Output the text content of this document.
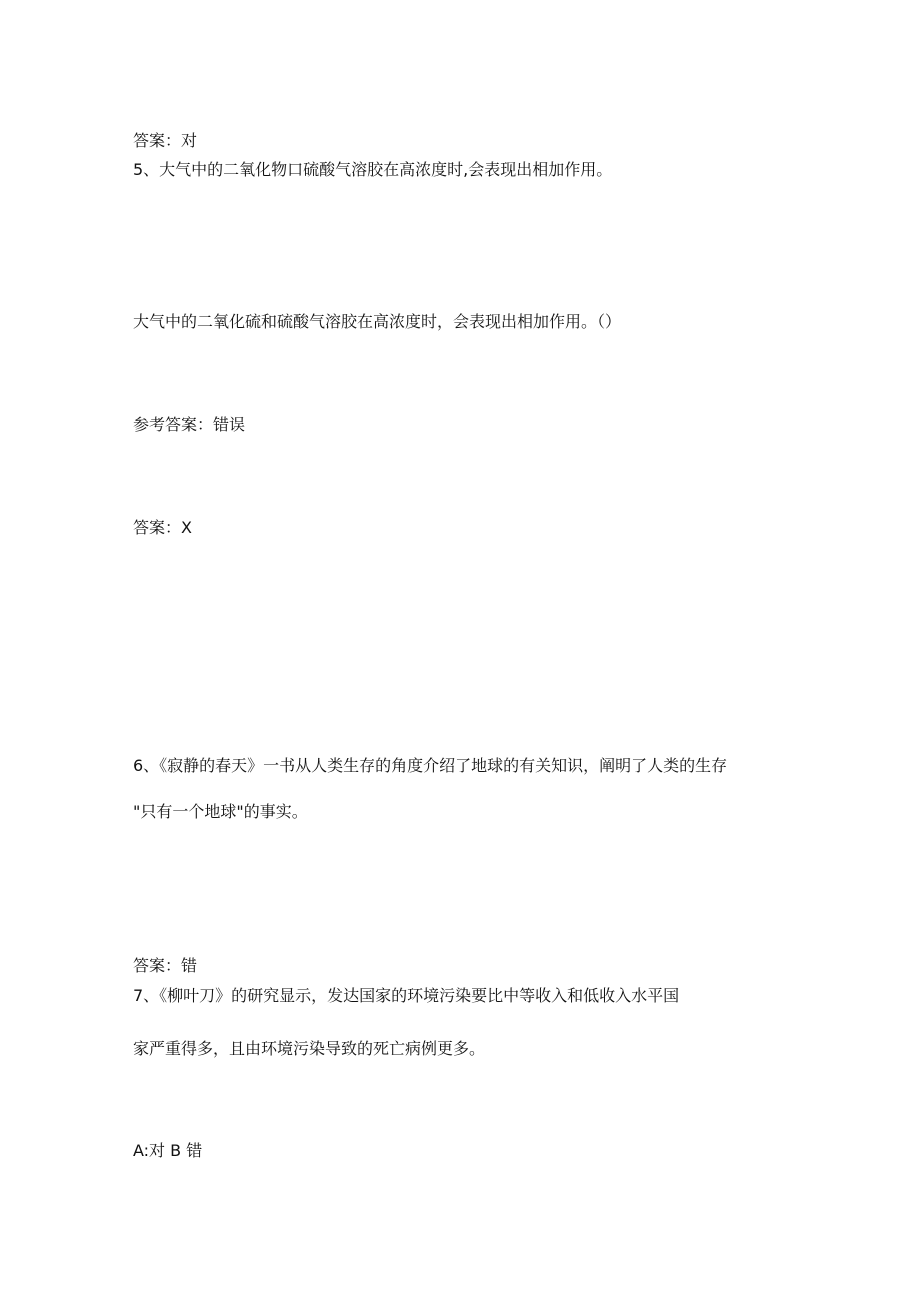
答案：对
5、大气中的二氧化物口硫酸气溶胶在高浓度时,会表现出相加作用。
大气中的二氧化硫和硫酸气溶胶在高浓度时，会表现出相加作用。（）
参考答案：错误
答案：X
6、《寂静的春天》一书从人类生存的角度介绍了地球的有关知识，阐明了人类的生存
"只有一个地球"的事实。
答案：错
7、《柳叶刀》的研究显示，发达国家的环境污染要比中等收入和低收入水平国
家严重得多，且由环境污染导致的死亡病例更多。
A:对 B 错
